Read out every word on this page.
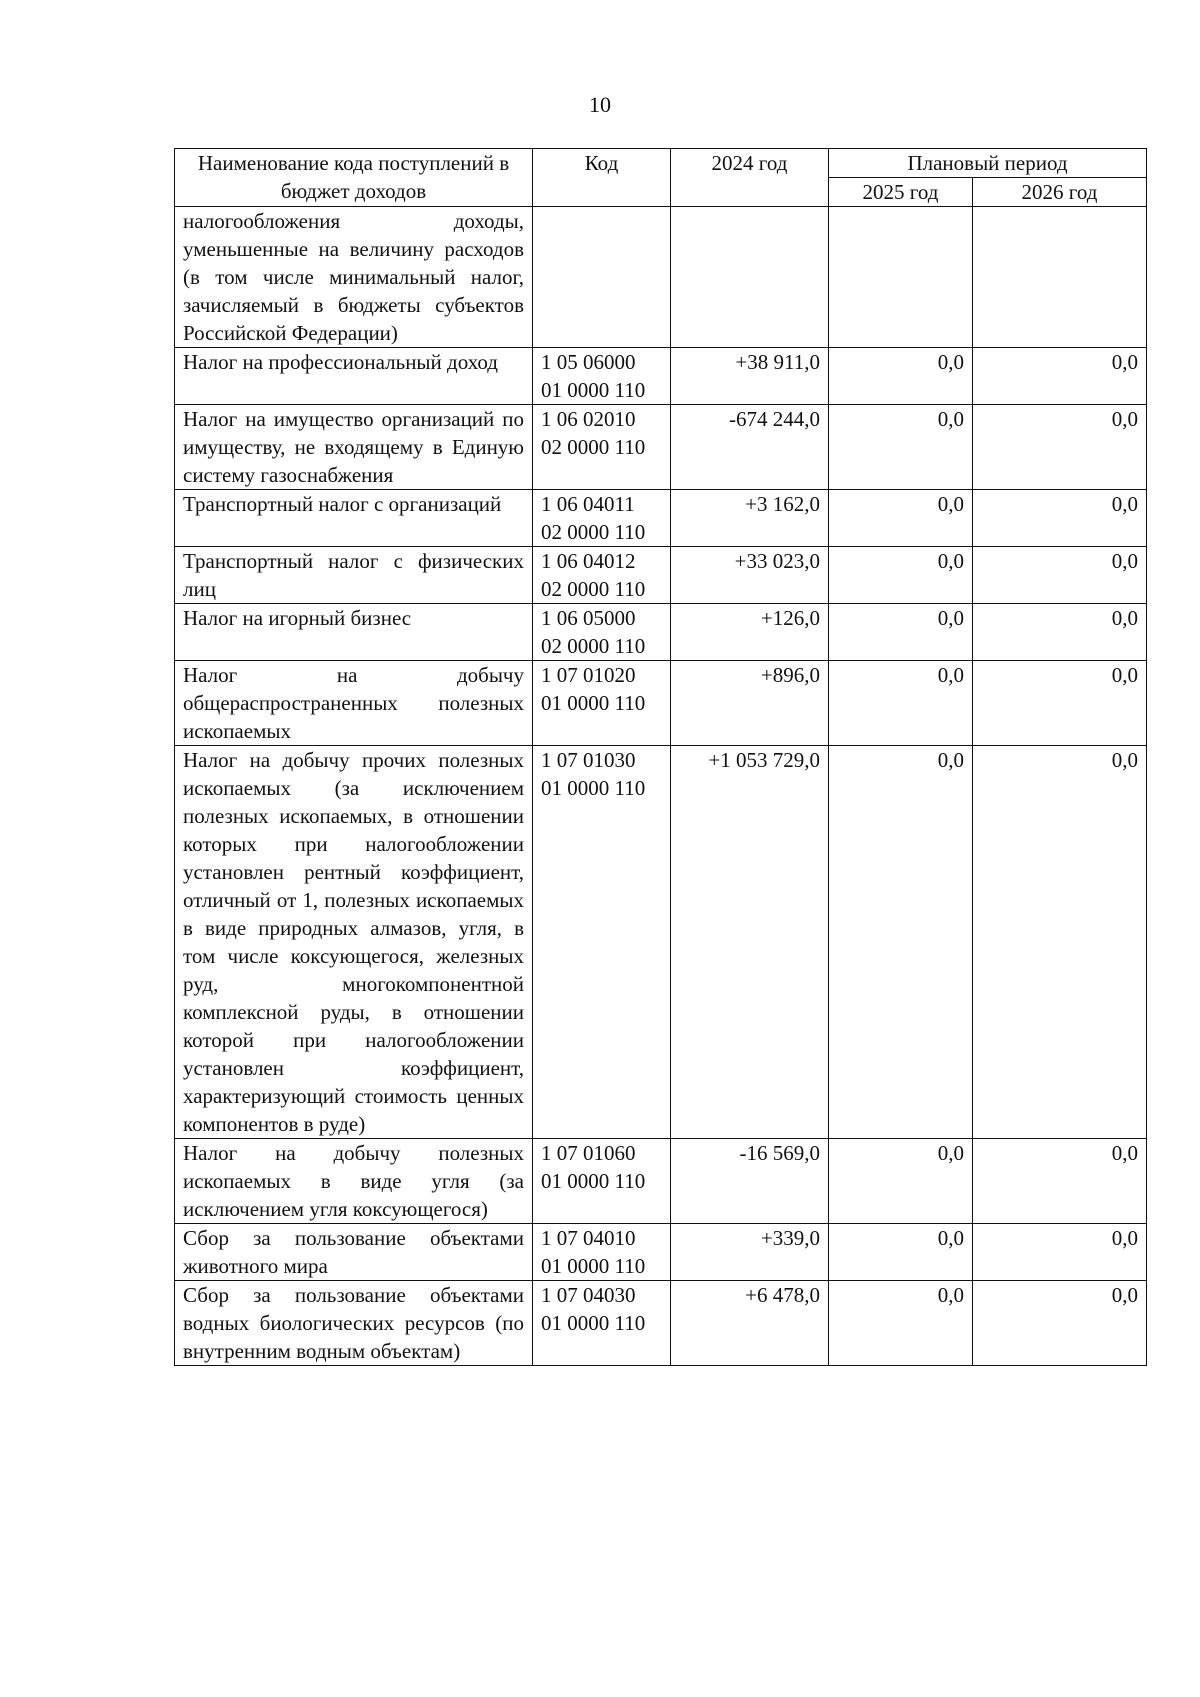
10
Наименование кода поступлений в бюджет доходов	Код	2024 год	Плановый период	
			2025 год	2026 год
налогообложения доходы, уменьшенные на величину расходов (в том числе минимальный налог, зачисляемый в бюджеты субъектов Российской Федерации)	

Налог на профессиональный доход	1 05 06000
01 0000 110	+38 911,0	0,0	0,0
Налог на имущество организаций по имуществу, не входящему в Единую систему газоснабжения	1 06 02010
02 0000 110	-674 244,0	0,0	0,0
Транспортный налог с организаций	1 06 04011
02 0000 110	+3 162,0	0,0	0,0
Транспортный налог с физических лиц	1 06 04012
02 0000 110	+33 023,0	0,0	0,0
Налог на игорный бизнес	1 06 05000
02 0000 110	+126,0	0,0	0,0
Налог на добычу общераспространенных полезных ископаемых	1 07 01020
01 0000 110	+896,0	0,0	0,0
Налог на добычу прочих полезных ископаемых (за исключением полезных ископаемых, в отношении которых при налогообложении установлен рентный коэффициент, отличный от 1, полезных ископаемых в виде природных алмазов, угля, в том числе коксующегося, железных руд, многокомпонентной комплексной руды, в отношении которой при налогообложении установлен коэффициент, характеризующий стоимость ценных компонентов в руде)	1 07 01030
01 0000 110	+1 053 729,0	0,0	0,0
Налог на добычу полезных ископаемых в виде угля (за исключением угля коксующегося)	1 07 01060
01 0000 110	-16 569,0	0,0	0,0
Сбор за пользование объектами животного мира	1 07 04010
01 0000 110	+339,0	0,0	0,0
Сбор за пользование объектами водных биологических ресурсов (по внутренним водным объектам)	1 07 04030
01 0000 110	+6 478,0	0,0	0,0
